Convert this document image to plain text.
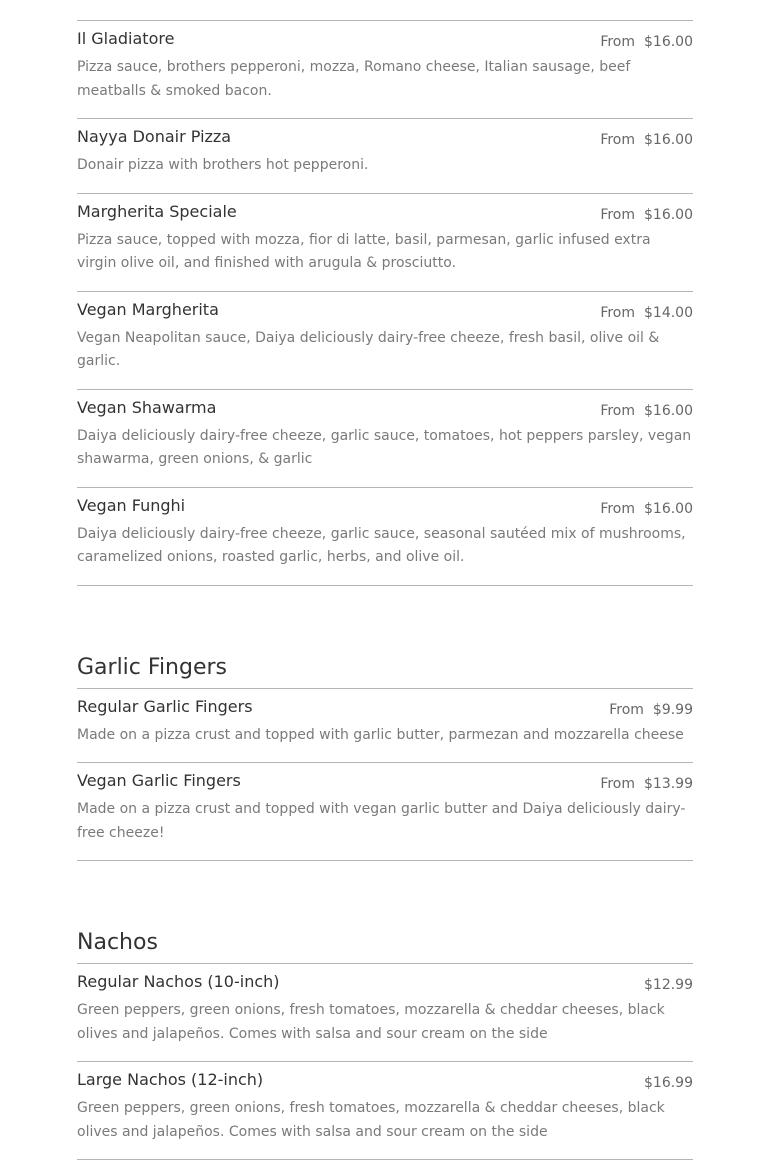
Il Gladiatore	From $16.00
Pizza sauce, brothers pepperoni, mozza, Romano cheese, Italian sausage, beef meatballs & smoked bacon.
Nayya Donair Pizza	From $16.00
Donair pizza with brothers hot pepperoni.
Margherita Speciale	From $16.00
Pizza sauce, topped with mozza, fior di latte, basil, parmesan, garlic infused extra virgin olive oil, and finished with arugula & prosciutto.
Vegan Margherita	From $14.00
Vegan Neapolitan sauce, Daiya deliciously dairy-free cheeze, fresh basil, olive oil & garlic.
Vegan Shawarma	From $16.00
Daiya deliciously dairy-free cheeze, garlic sauce, tomatoes, hot peppers parsley, vegan shawarma, green onions, & garlic
Vegan Funghi	From $16.00
Daiya deliciously dairy-free cheeze, garlic sauce, seasonal sautéed mix of mushrooms, caramelized onions, roasted garlic, herbs, and olive oil.
Garlic Fingers
Regular Garlic Fingers	From $9.99
Made on a pizza crust and topped with garlic butter, parmezan and mozzarella cheese
Vegan Garlic Fingers	From $13.99
Made on a pizza crust and topped with vegan garlic butter and Daiya deliciously dairy-free cheeze!
Nachos
Regular Nachos (10-inch)	$12.99
Green peppers, green onions, fresh tomatoes, mozzarella & cheddar cheeses, black olives and jalapeños. Comes with salsa and sour cream on the side
Large Nachos (12-inch)	$16.99
Green peppers, green onions, fresh tomatoes, mozzarella & cheddar cheeses, black olives and jalapeños. Comes with salsa and sour cream on the side
